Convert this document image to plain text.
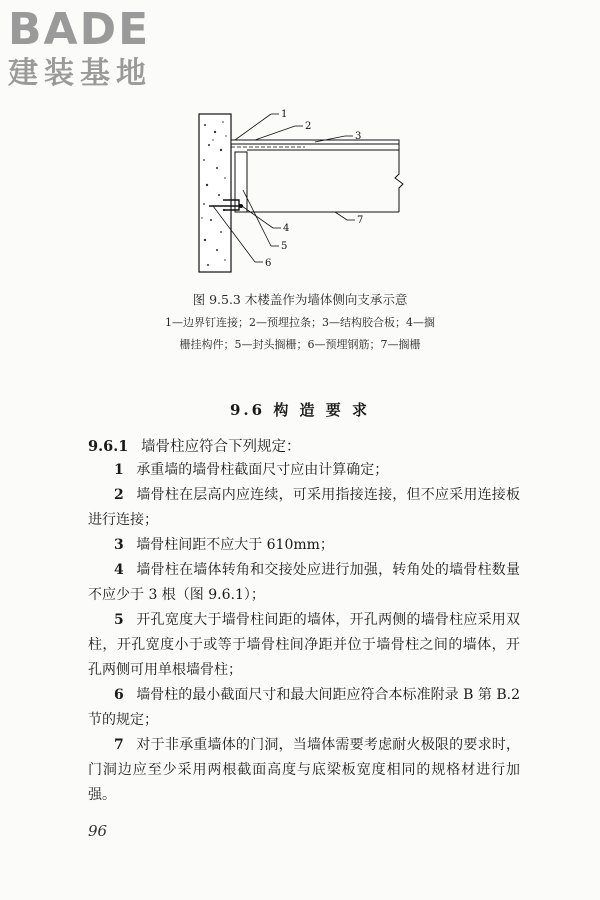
BADE
建装基地
1
2
3
4
5
6
7
图 9.5.3 木楼盖作为墙体侧向支承示意
1—边界钉连接；2—预埋拉条；3—结构胶合板；4—搁
栅挂构件；5—封头搁栅；6—预埋钢筋；7—搁栅
9.6 构 造 要 求
9.6.1 墙骨柱应符合下列规定：
1 承重墙的墙骨柱截面尺寸应由计算确定；
2 墙骨柱在层高内应连续，可采用指接连接，但不应采用连接板进行连接；
3 墙骨柱间距不应大于 610mm；
4 墙骨柱在墙体转角和交接处应进行加强，转角处的墙骨柱数量不应少于 3 根（图 9.6.1）；
5 开孔宽度大于墙骨柱间距的墙体，开孔两侧的墙骨柱应采用双柱，开孔宽度小于或等于墙骨柱间净距并位于墙骨柱之间的墙体，开孔两侧可用单根墙骨柱；
6 墙骨柱的最小截面尺寸和最大间距应符合本标准附录 B 第 B.2 节的规定；
7 对于非承重墙体的门洞，当墙体需要考虑耐火极限的要求时，门洞边应至少采用两根截面高度与底梁板宽度相同的规格材进行加强。
96
